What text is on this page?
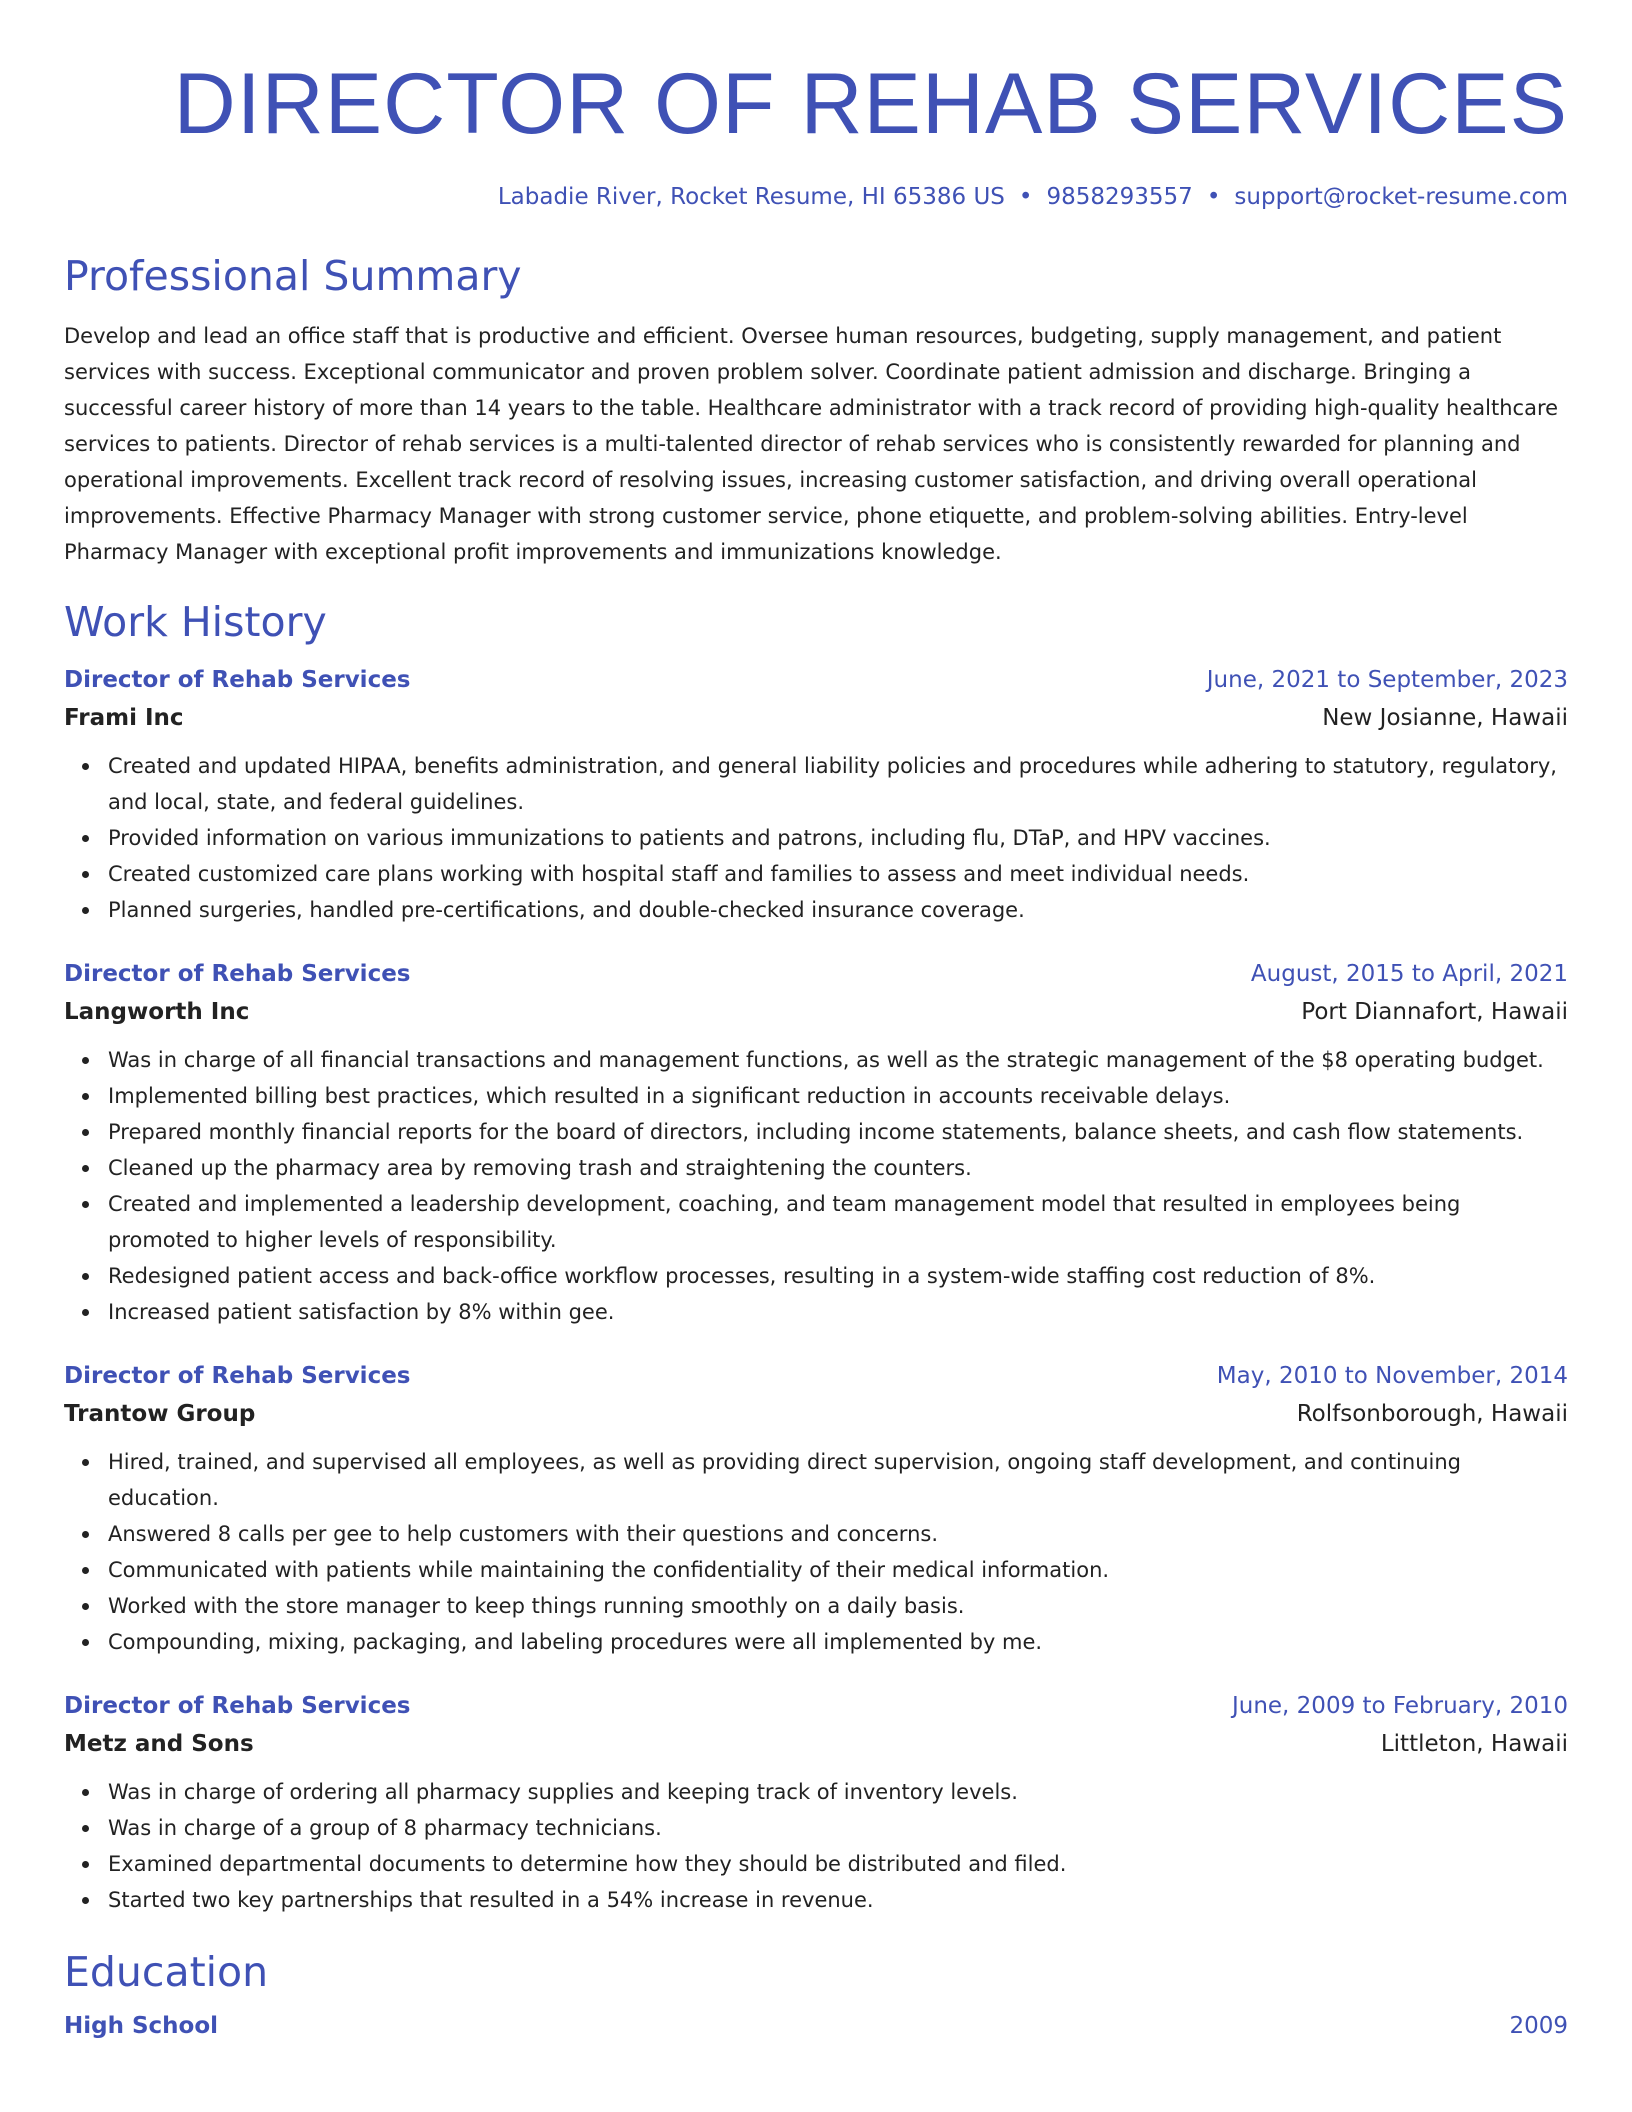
DIRECTOR OF REHAB SERVICES
Labadie River, Rocket Resume, HI 65386 US • 9858293557 • support@rocket-resume.com
Professional Summary

Develop and lead an office staff that is productive and efficient. Oversee human resources, budgeting, supply management, and patient services with success. Exceptional communicator and proven problem solver. Coordinate patient admission and discharge. Bringing a successful career history of more than 14 years to the table. Healthcare administrator with a track record of providing high-quality healthcare services to patients. Director of rehab services is a multi-talented director of rehab services who is consistently rewarded for planning and operational improvements. Excellent track record of resolving issues, increasing customer satisfaction, and driving overall operational improvements. Effective Pharmacy Manager with strong customer service, phone etiquette, and problem-solving abilities. Entry-level Pharmacy Manager with exceptional profit improvements and immunizations knowledge.

Work History
Director of Rehab Services	June, 2021 to September, 2023
Frami Inc	New Josianne, Hawaii
Created and updated HIPAA, benefits administration, and general liability policies and procedures while adhering to statutory, regulatory, and local, state, and federal guidelines.
Provided information on various immunizations to patients and patrons, including flu, DTaP, and HPV vaccines.
Created customized care plans working with hospital staff and families to assess and meet individual needs.
Planned surgeries, handled pre-certifications, and double-checked insurance coverage.
Director of Rehab Services	August, 2015 to April, 2021
Langworth Inc	Port Diannafort, Hawaii
Was in charge of all financial transactions and management functions, as well as the strategic management of the $8 operating budget.
Implemented billing best practices, which resulted in a significant reduction in accounts receivable delays.
Prepared monthly financial reports for the board of directors, including income statements, balance sheets, and cash flow statements.
Cleaned up the pharmacy area by removing trash and straightening the counters.
Created and implemented a leadership development, coaching, and team management model that resulted in employees being promoted to higher levels of responsibility.
Redesigned patient access and back-office workflow processes, resulting in a system-wide staffing cost reduction of 8%.
Increased patient satisfaction by 8% within gee.
Director of Rehab Services	May, 2010 to November, 2014
Trantow Group	Rolfsonborough, Hawaii
Hired, trained, and supervised all employees, as well as providing direct supervision, ongoing staff development, and continuing education.
Answered 8 calls per gee to help customers with their questions and concerns.
Communicated with patients while maintaining the confidentiality of their medical information.
Worked with the store manager to keep things running smoothly on a daily basis.
Compounding, mixing, packaging, and labeling procedures were all implemented by me.
Director of Rehab Services	June, 2009 to February, 2010
Metz and Sons	Littleton, Hawaii
Was in charge of ordering all pharmacy supplies and keeping track of inventory levels.
Was in charge of a group of 8 pharmacy technicians.
Examined departmental documents to determine how they should be distributed and filed.
Started two key partnerships that resulted in a 54% increase in revenue.
Education
High School	2009
